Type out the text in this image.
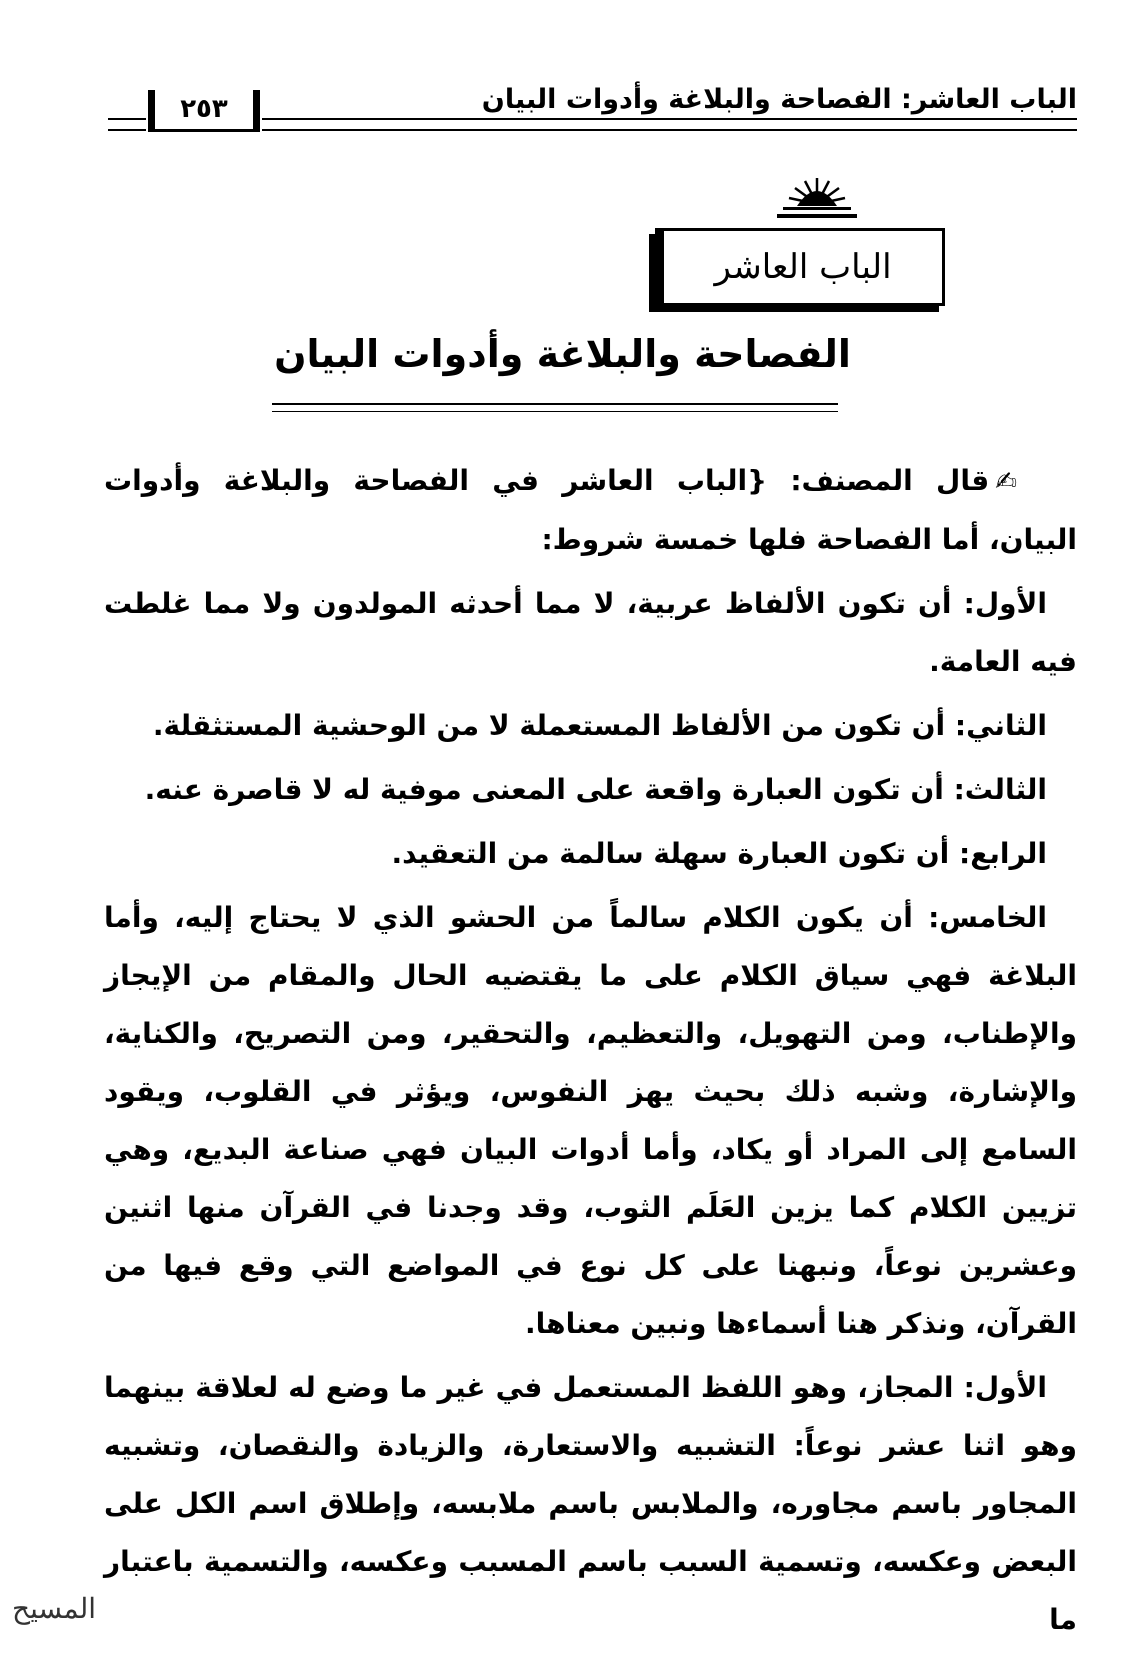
الباب العاشر: الفصاحة والبلاغة وأدوات البيان
٢٥٣
الباب العاشر
الفصاحة والبلاغة وأدوات البيان

✍قال المصنف: {الباب العاشر في الفصاحة والبلاغة وأدوات البيان، أما الفصاحة فلها خمسة شروط:

الأول: أن تكون الألفاظ عربية، لا مما أحدثه المولدون ولا مما غلطت فيه العامة.

الثاني: أن تكون من الألفاظ المستعملة لا من الوحشية المستثقلة.

الثالث: أن تكون العبارة واقعة على المعنى موفية له لا قاصرة عنه.

الرابع: أن تكون العبارة سهلة سالمة من التعقيد.

الخامس: أن يكون الكلام سالماً من الحشو الذي لا يحتاج إليه، وأما البلاغة فهي سياق الكلام على ما يقتضيه الحال والمقام من الإيجاز والإطناب، ومن التهويل، والتعظيم، والتحقير، ومن التصريح، والكناية، والإشارة، وشبه ذلك بحيث يهز النفوس، ويؤثر في القلوب، ويقود السامع إلى المراد أو يكاد، وأما أدوات البيان فهي صناعة البديع، وهي تزيين الكلام كما يزين العَلَم الثوب، وقد وجدنا في القرآن منها اثنين وعشرين نوعاً، ونبهنا على كل نوع في المواضع التي وقع فيها من القرآن، ونذكر هنا أسماءها ونبين معناها.

الأول: المجاز، وهو اللفظ المستعمل في غير ما وضع له لعلاقة بينهما وهو اثنا عشر نوعاً: التشبيه والاستعارة، والزيادة والنقصان، وتشبيه المجاور باسم مجاوره، والملابس باسم ملابسه، وإطلاق اسم الكل على البعض وعكسه، وتسمية السبب باسم المسبب وعكسه، والتسمية باعتبار ما

المسيح
